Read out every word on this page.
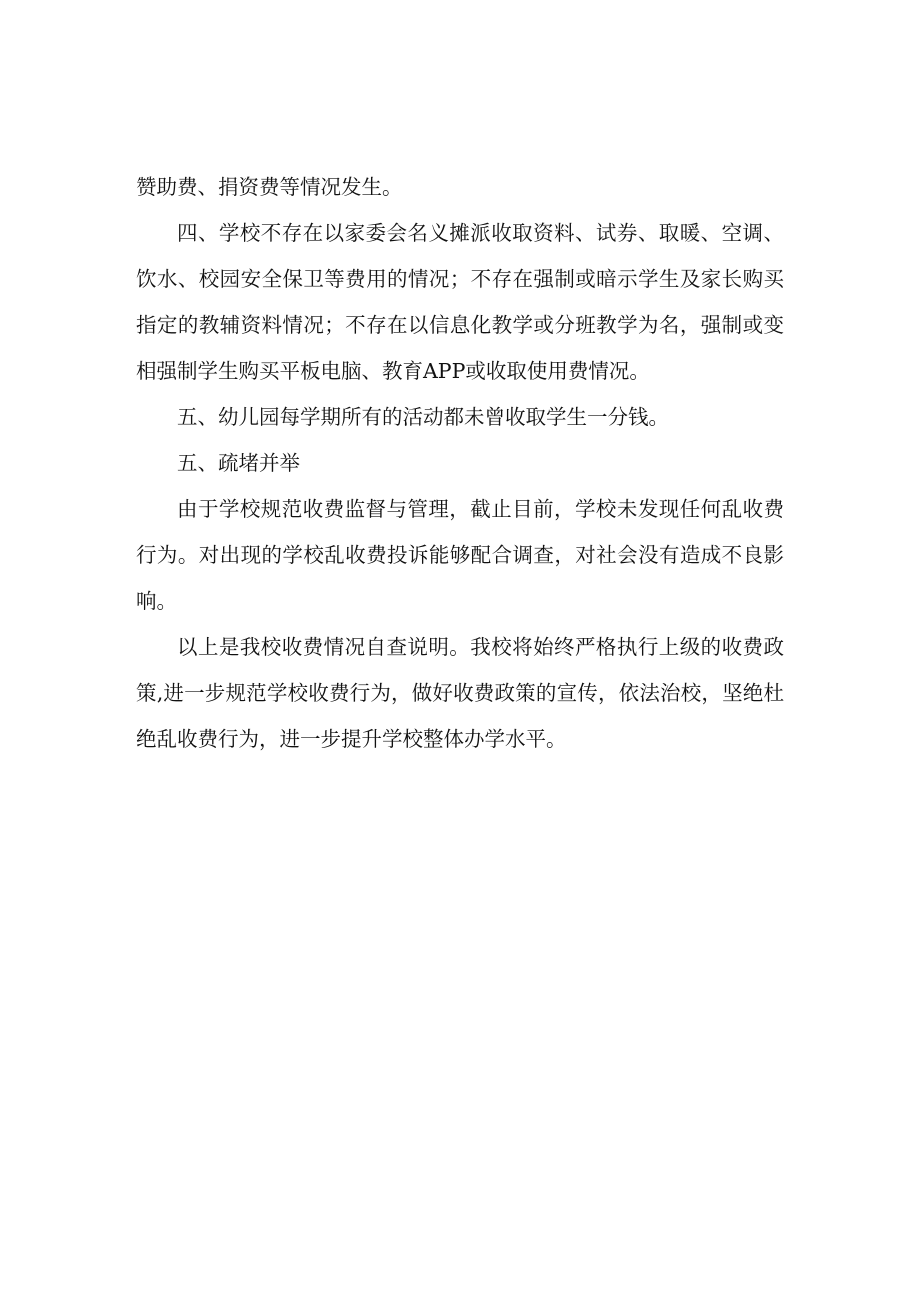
赞助费、捐资费等情况发生。

四、学校不存在以家委会名义摊派收取资料、试券、取暖、空调、饮水、校园安全保卫等费用的情况；不存在强制或暗示学生及家长购买指定的教辅资料情况；不存在以信息化教学或分班教学为名，强制或变相强制学生购买平板电脑、教育APP或收取使用费情况。

五、幼儿园每学期所有的活动都未曾收取学生一分钱。

五、疏堵并举

由于学校规范收费监督与管理，截止目前，学校未发现任何乱收费行为。对出现的学校乱收费投诉能够配合调查，对社会没有造成不良影响。

以上是我校收费情况自查说明。我校将始终严格执行上级的收费政策,进一步规范学校收费行为，做好收费政策的宣传，依法治校，坚绝杜绝乱收费行为，进一步提升学校整体办学水平。
